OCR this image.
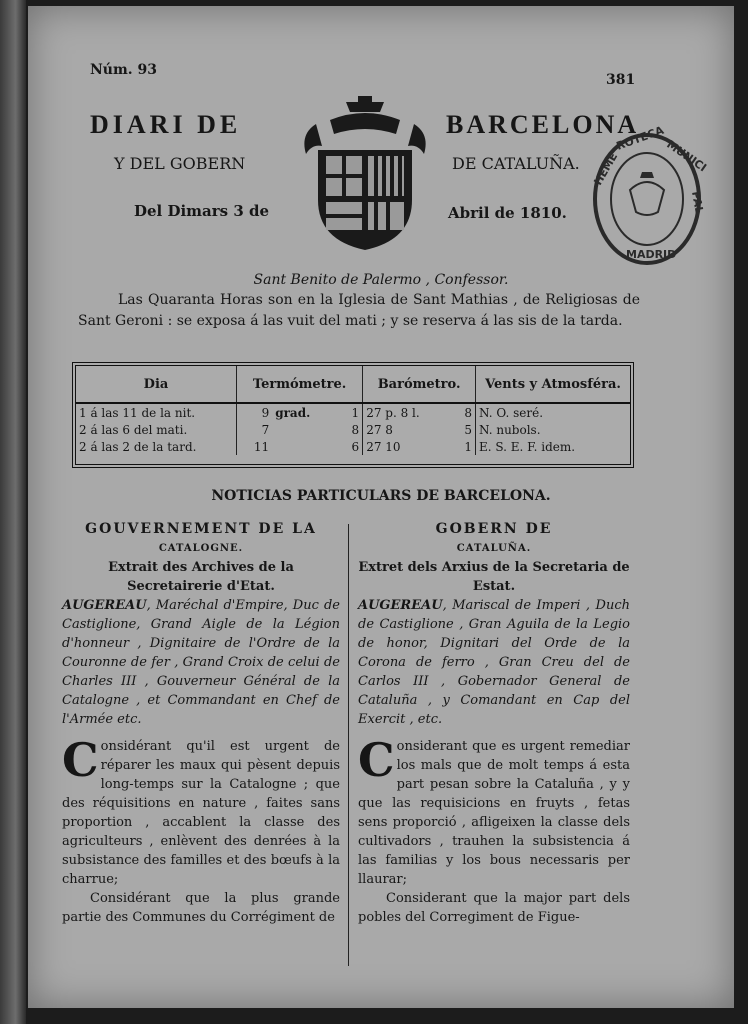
Núm. 93
381
DIARI DE	BARCELONA
Y DEL GOBERN	DE CATALUÑA.
Del Dimars 3 de	Abril de 1810.
HEME
ROTECA
MUNICI
PAL
MADRID
Sant Benito de Palermo , Confessor.
Las Quaranta Horas son en la Iglesia de Sant Mathias , de Religiosas de Sant Geroni : se exposa á las vuit del mati ; y se reserva á las sis de la tarda.
Dia	Termómetre.			Barómetro.		Vents y Atmosféra.
1 á las 11 de la nit.	9	grad.	1	27 p. 8 l.	8	N. O. seré.
2 á las 6 del mati.	7		8	27 8	5	N. nubols.
2 á las 2 de la tard.	11		6	27 10	1	E. S. E. F. idem.
NOTICIAS PARTICULARS DE BARCELONA.
GOUVERNEMENT DE LA
CATALOGNE.
Extrait des Archives de la Secretairerie d'Etat.

AUGEREAU, Maréchal d'Empire, Duc de Castiglione, Grand Aigle de la Légion d'honneur , Dignitaire de l'Ordre de la Couronne de fer , Grand Croix de celui de Charles III , Gouverneur Général de la Catalogne , et Commandant en Chef de l'Armée etc.

Considérant qu'il est urgent de réparer les maux qui pèsent depuis long-temps sur la Catalogne ; que des réquisitions en nature , faites sans proportion , accablent la classe des agriculteurs , enlèvent des denrées à la subsistance des familles et des bœufs à la charrue;

Considérant que la plus grande partie des Communes du Corrégiment de

GOBERN DE
CATALUÑA.
Extret dels Arxius de la Secretaria de Estat.

AUGEREAU, Mariscal de Imperi , Duch de Castiglione , Gran Aguila de la Legio de honor, Dignitari del Orde de la Corona de ferro , Gran Creu del de Carlos III , Gobernador General de Cataluña , y Comandant en Cap del Exercit , etc.

Considerant que es urgent remediar los mals que de molt temps á esta part pesan sobre la Cataluña , y y que las requisicions en fruyts , fetas sens proporció , afligeixen la classe dels cultivadors , trauhen la subsistencia á las familias y los bous necessaris per llaurar;

Considerant que la major part dels pobles del Corregiment de Figue-
